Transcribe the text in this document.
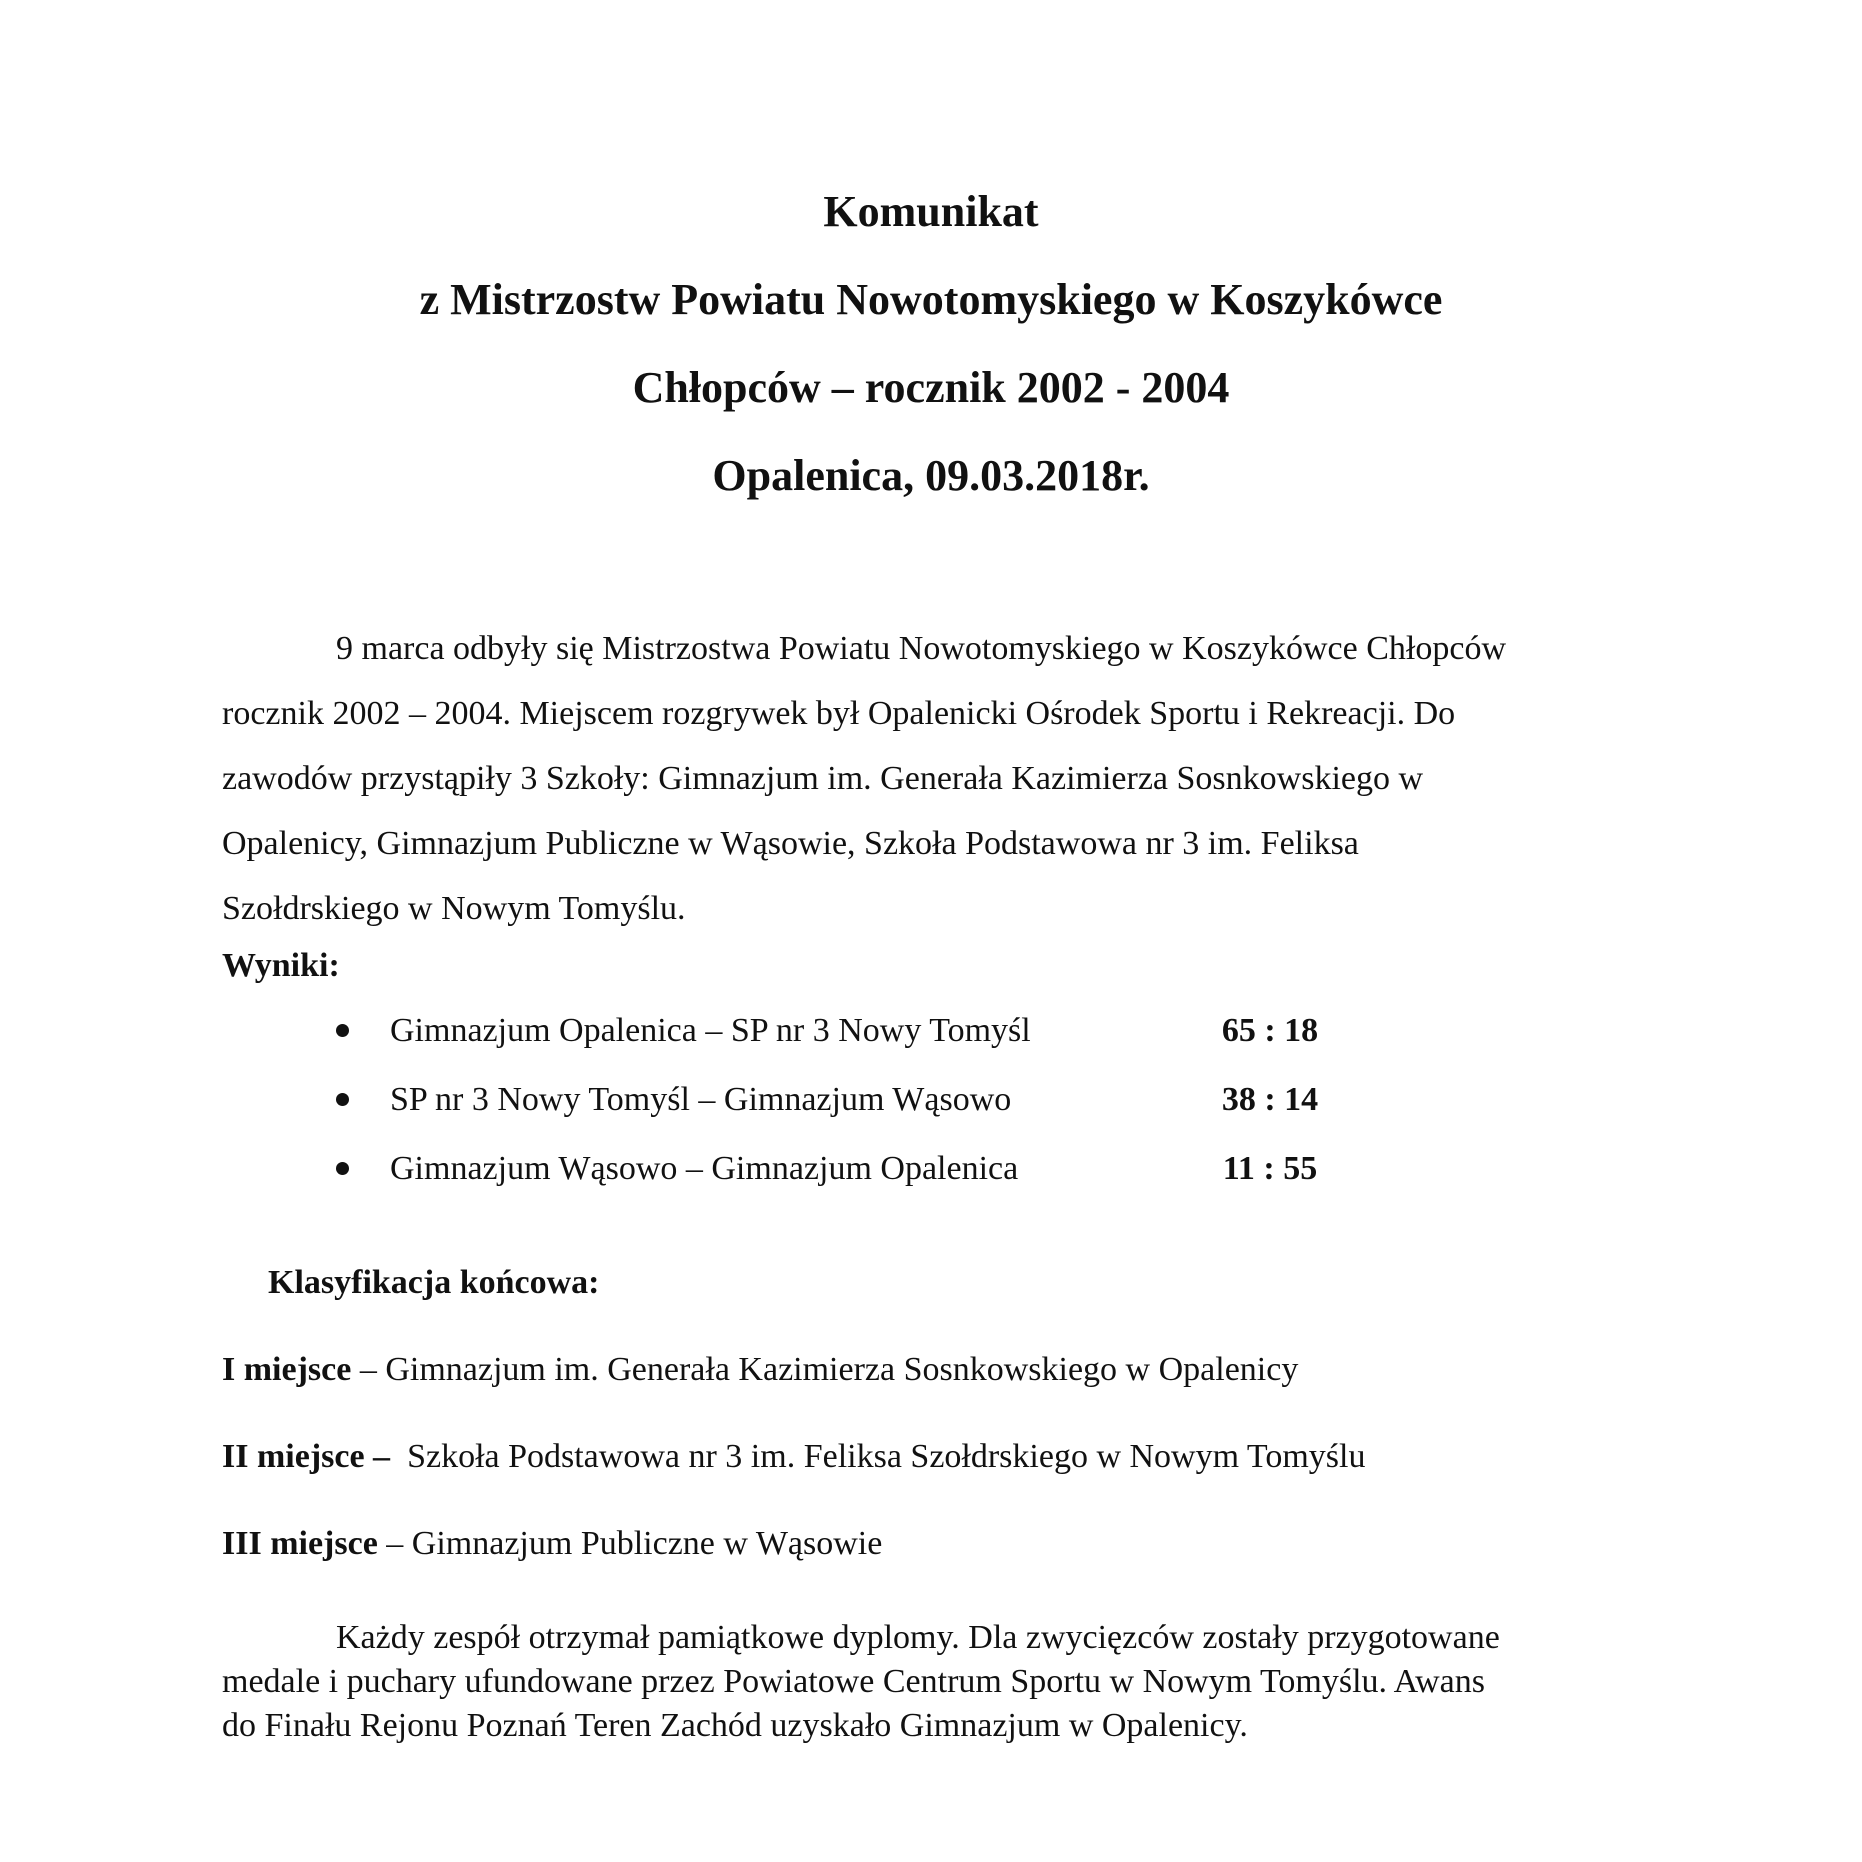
Komunikat
z Mistrzostw Powiatu Nowotomyskiego w Koszykówce
Chłopców – rocznik 2002 - 2004
Opalenica, 09.03.2018r.
9 marca odbyły się Mistrzostwa Powiatu Nowotomyskiego w Koszykówce Chłopców
rocznik 2002 – 2004. Miejscem rozgrywek był Opalenicki Ośrodek Sportu i Rekreacji. Do
zawodów przystąpiły 3 Szkoły: Gimnazjum im. Generała Kazimierza Sosnkowskiego w
Opalenicy, Gimnazjum Publiczne w Wąsowie, Szkoła Podstawowa nr 3 im. Feliksa
Szołdrskiego w Nowym Tomyślu.
Wyniki:
Gimnazjum Opalenica – SP nr 3 Nowy Tomyśl	65 : 18
SP nr 3 Nowy Tomyśl – Gimnazjum Wąsowo	38 : 14
Gimnazjum Wąsowo – Gimnazjum Opalenica	11 : 55
Klasyfikacja końcowa:
I miejsce – Gimnazjum im. Generała Kazimierza Sosnkowskiego w Opalenicy
II miejsce – Szkoła Podstawowa nr 3 im. Feliksa Szołdrskiego w Nowym Tomyślu
III miejsce – Gimnazjum Publiczne w Wąsowie
Każdy zespół otrzymał pamiątkowe dyplomy. Dla zwycięzców zostały przygotowane
medale i puchary ufundowane przez Powiatowe Centrum Sportu w Nowym Tomyślu. Awans
do Finału Rejonu Poznań Teren Zachód uzyskało Gimnazjum w Opalenicy.
